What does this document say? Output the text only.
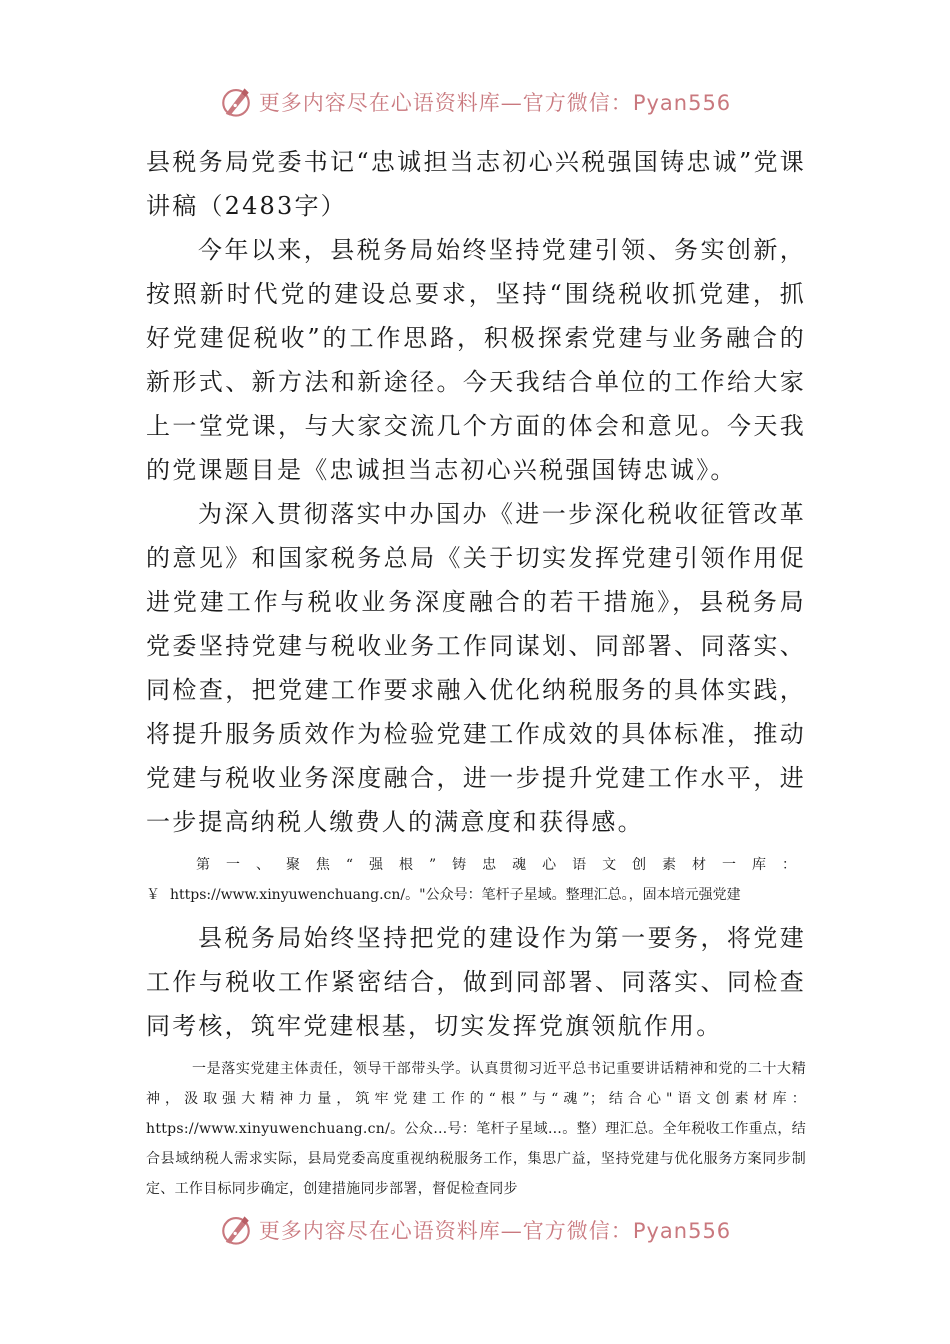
更多内容尽在心语资料库—官方微信：Pyan556

县税务局党委书记“忠诚担当志初心兴税强国铸忠诚”党课讲稿（2483字）

今年以来，县税务局始终坚持党建引领、务实创新，按照新时代党的建设总要求，坚持“围绕税收抓党建，抓好党建促税收”的工作思路，积极探索党建与业务融合的新形式、新方法和新途径。今天我结合单位的工作给大家上一堂党课，与大家交流几个方面的体会和意见。今天我的党课题目是《忠诚担当志初心兴税强国铸忠诚》。

为深入贯彻落实中办国办《进一步深化税收征管改革的意见》和国家税务总局《关于切实发挥党建引领作用促进党建工作与税收业务深度融合的若干措施》，县税务局党委坚持党建与税收业务工作同谋划、同部署、同落实、同检查，把党建工作要求融入优化纳税服务的具体实践，将提升服务质效作为检验党建工作成效的具体标准，推动党建与税收业务深度融合，进一步提升党建工作水平，进一步提高纳税人缴费人的满意度和获得感。

第一、聚焦“强根”铸忠魂心语文创素材一库：￥https://www.xinyuwenchuang.cn/。"公众号：笔杆子星域。整理汇总。，固本培元强党建

县税务局始终坚持把党的建设作为第一要务，将党建工作与税收工作紧密结合，做到同部署、同落实、同检查同考核，筑牢党建根基，切实发挥党旗领航作用。

一是落实党建主体责任，领导干部带头学。认真贯彻习近平总书记重要讲话精神和党的二十大精神，汲取强大精神力量，筑牢党建工作的“根”与“魂”；结合心"语文创素材库：https://www.xinyuwenchuang.cn/。公众…号：笔杆子星域…。整）理汇总。全年税收工作重点，结合县域纳税人需求实际，县局党委高度重视纳税服务工作，集思广益，坚持党建与优化服务方案同步制定、工作目标同步确定，创建措施同步部署，督促检查同步

更多内容尽在心语资料库—官方微信：Pyan556
